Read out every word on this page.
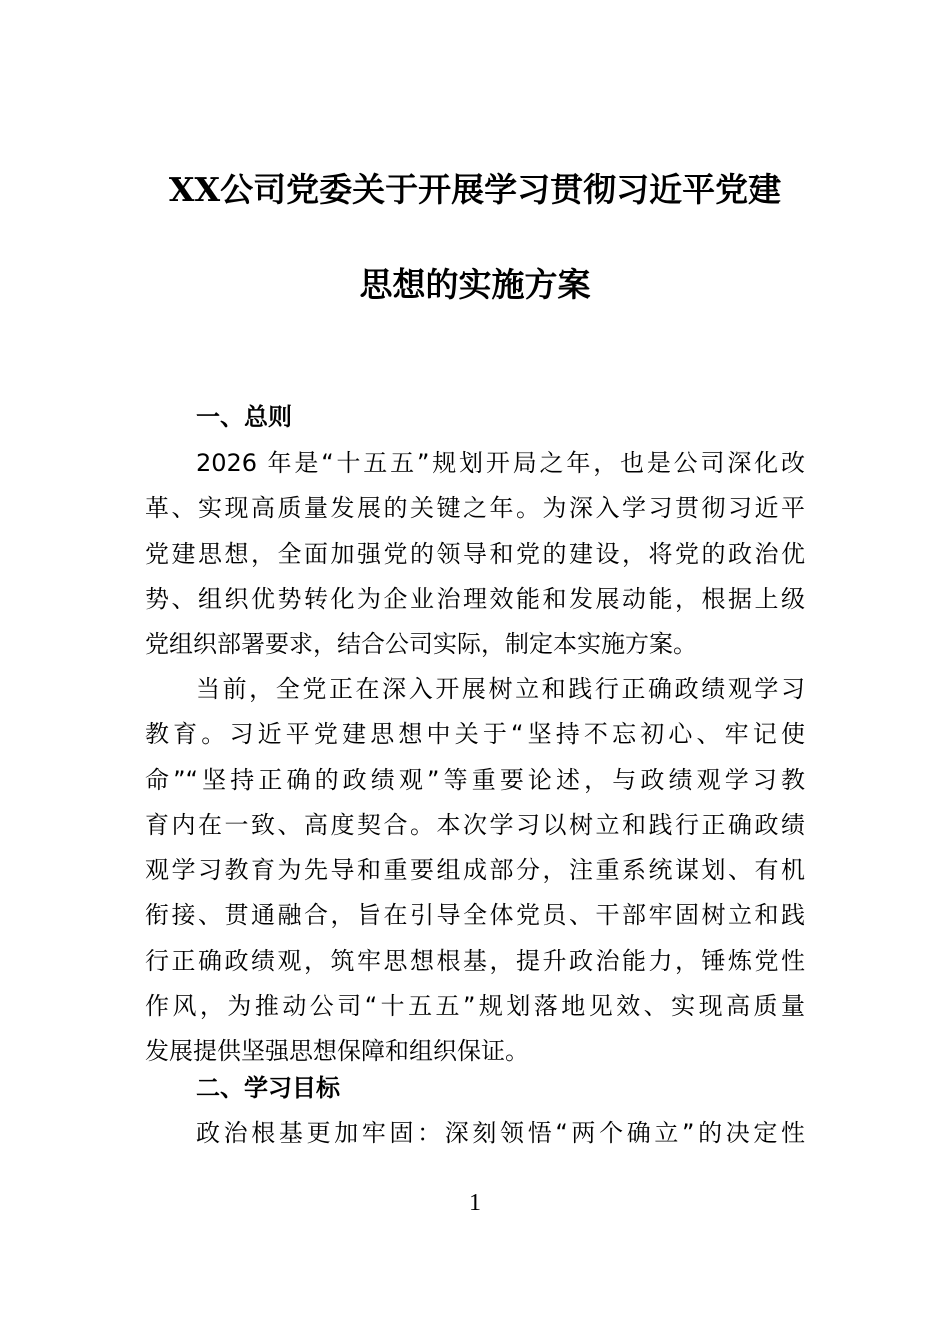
XX公司党委关于开展学习贯彻习近平党建
思想的实施方案
一、总则
2026 年是“十五五”规划开局之年，也是公司深化改
革、实现高质量发展的关键之年。为深入学习贯彻习近平
党建思想，全面加强党的领导和党的建设，将党的政治优
势、组织优势转化为企业治理效能和发展动能，根据上级
党组织部署要求，结合公司实际，制定本实施方案。
当前，全党正在深入开展树立和践行正确政绩观学习
教育。习近平党建思想中关于“坚持不忘初心、牢记使
命”“坚持正确的政绩观”等重要论述，与政绩观学习教
育内在一致、高度契合。本次学习以树立和践行正确政绩
观学习教育为先导和重要组成部分，注重系统谋划、有机
衔接、贯通融合，旨在引导全体党员、干部牢固树立和践
行正确政绩观，筑牢思想根基，提升政治能力，锤炼党性
作风，为推动公司“十五五”规划落地见效、实现高质量
发展提供坚强思想保障和组织保证。
二、学习目标
政治根基更加牢固：深刻领悟“两个确立”的决定性
1
